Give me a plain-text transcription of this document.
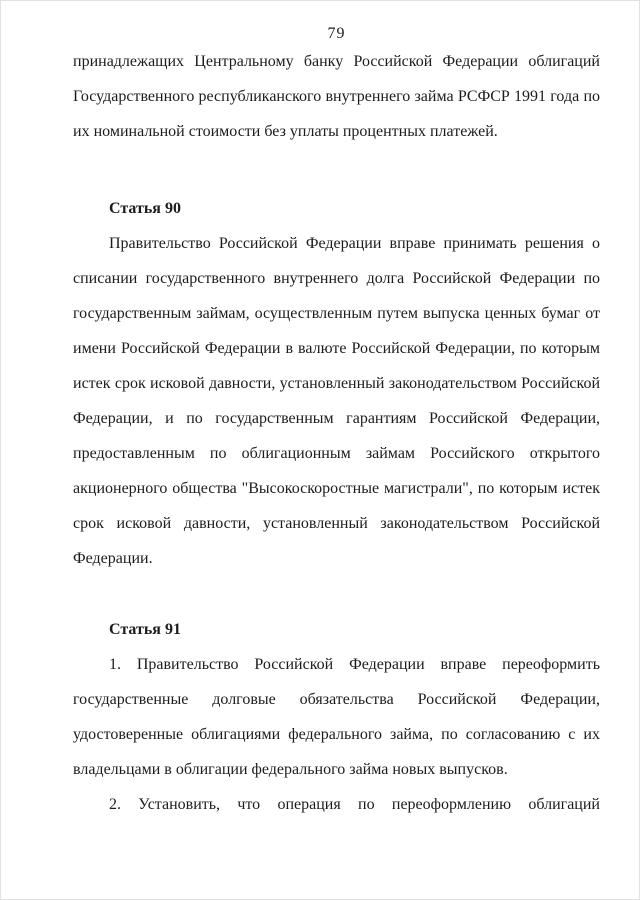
79
принадлежащих Центральному банку Российской Федерации облигаций
Государственного республиканского внутреннего займа РСФСР 1991 года по
их номинальной стоимости без уплаты процентных платежей.
Статья 90
Правительство Российской Федерации вправе принимать решения о
списании государственного внутреннего долга Российской Федерации по
государственным займам, осуществленным путем выпуска ценных бумаг от
имени Российской Федерации в валюте Российской Федерации, по которым
истек срок исковой давности, установленный законодательством Российской
Федерации, и по государственным гарантиям Российской Федерации,
предоставленным по облигационным займам Российского открытого
акционерного общества "Высокоскоростные магистрали", по которым истек
срок исковой давности, установленный законодательством Российской
Федерации.
Статья 91
1. Правительство Российской Федерации вправе переоформить
государственные долговые обязательства Российской Федерации,
удостоверенные облигациями федерального займа, по согласованию с их
владельцами в облигации федерального займа новых выпусков.
2. Установить, что операция по переоформлению облигаций
